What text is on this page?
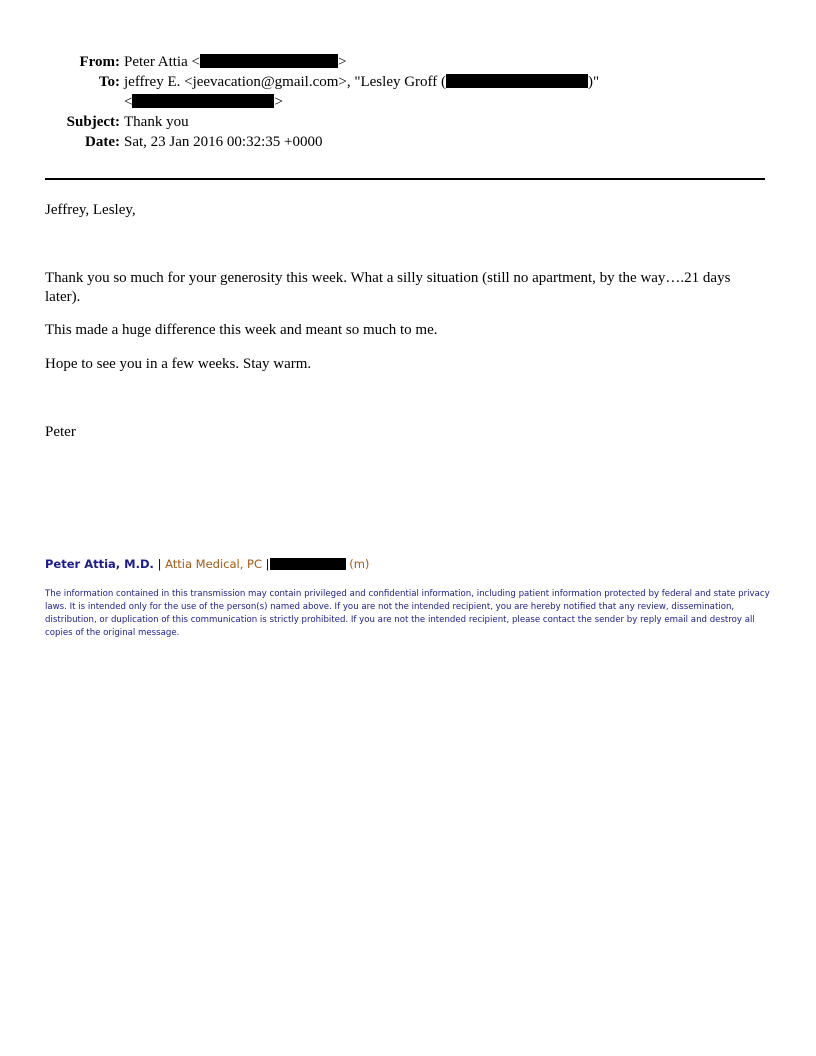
From: Peter Attia <	>
To: jeffrey E. <jeevacation@gmail.com>, "Lesley Groff (	)"
<	>
Subject: Thank you
Date: Sat, 23 Jan 2016 00:32:35 +0000

Jeffrey, Lesley,

Thank you so much for your generosity this week. What a silly situation (still no apartment, by the way….21 days later).

This made a huge difference this week and meant so much to me.

Hope to see you in a few weeks. Stay warm.

Peter

Peter Attia, M.D. | Attia Medical, PC |	(m)

The information contained in this transmission may contain privileged and confidential information, including patient information protected by federal and state privacy laws. It is intended only for the use of the person(s) named above. If you are not the intended recipient, you are hereby notified that any review, dissemination, distribution, or duplication of this communication is strictly prohibited. If you are not the intended recipient, please contact the sender by reply email and destroy all copies of the original message.
